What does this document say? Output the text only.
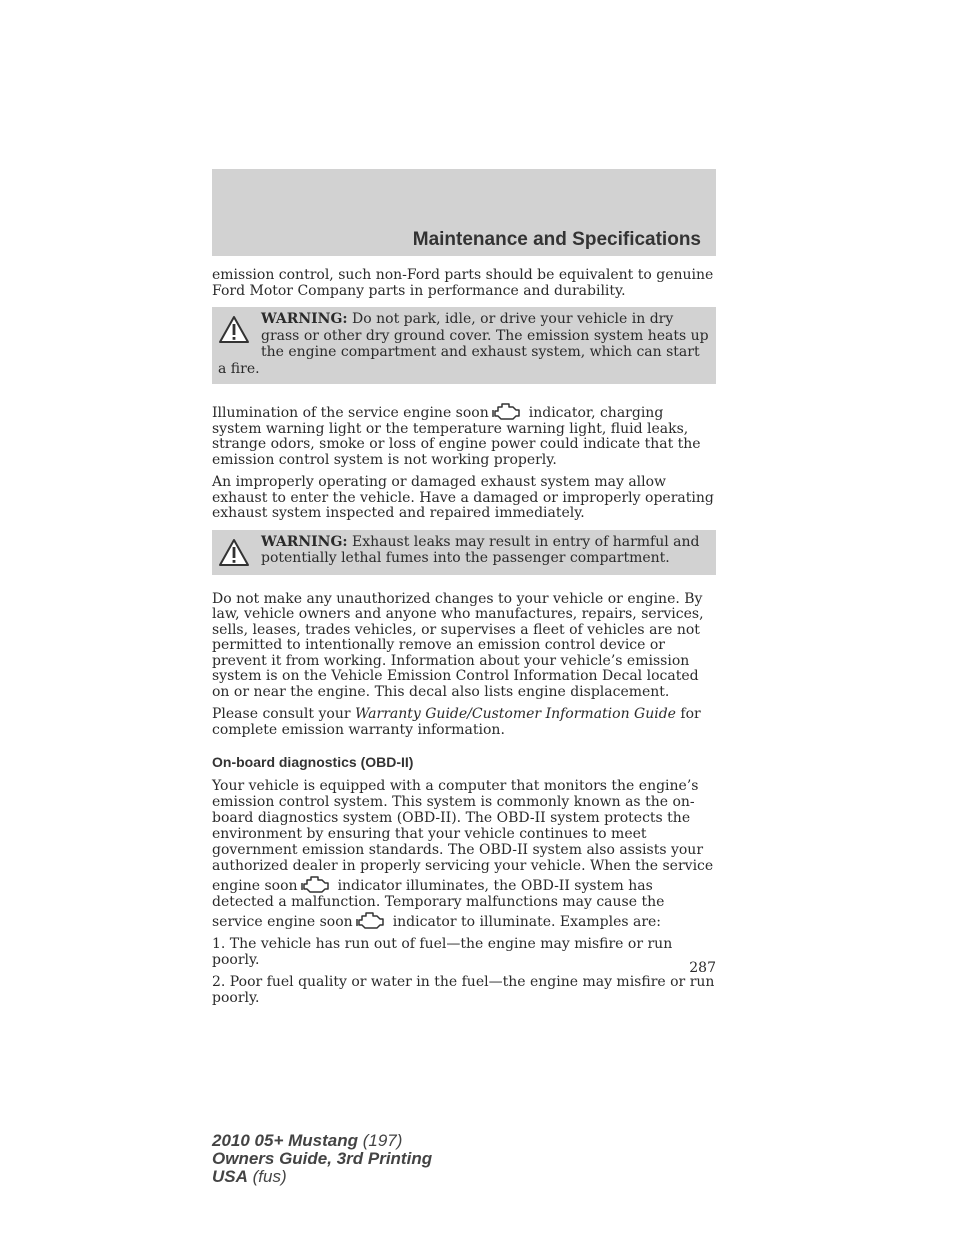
Maintenance and Specifications

emission control, such non-Ford parts should be equivalent to genuine Ford Motor Company parts in performance and durability.

WARNING: Do not park, idle, or drive your vehicle in dry grass or other dry ground cover. The emission system heats up the engine compartment and exhaust system, which can start a fire.

Illumination of the service engine soon	indicator, charging system warning light or the temperature warning light, fluid leaks, strange odors, smoke or loss of engine power could indicate that the emission control system is not working properly.

An improperly operating or damaged exhaust system may allow exhaust to enter the vehicle. Have a damaged or improperly operating exhaust system inspected and repaired immediately.

WARNING: Exhaust leaks may result in entry of harmful and potentially lethal fumes into the passenger compartment.

Do not make any unauthorized changes to your vehicle or engine. By law, vehicle owners and anyone who manufactures, repairs, services, sells, leases, trades vehicles, or supervises a fleet of vehicles are not permitted to intentionally remove an emission control device or prevent it from working. Information about your vehicle’s emission system is on the Vehicle Emission Control Information Decal located on or near the engine. This decal also lists engine displacement.

Please consult your Warranty Guide/Customer Information Guide for complete emission warranty information.

On-board diagnostics (OBD-II)

Your vehicle is equipped with a computer that monitors the engine’s emission control system. This system is commonly known as the on-board diagnostics system (OBD-II). The OBD-II system protects the environment by ensuring that your vehicle continues to meet government emission standards. The OBD-II system also assists your authorized dealer in properly servicing your vehicle. When the service engine soon	indicator illuminates, the OBD-II system has detected a malfunction. Temporary malfunctions may cause the service engine soon	indicator to illuminate. Examples are:

1. The vehicle has run out of fuel—the engine may misfire or run poorly.

2. Poor fuel quality or water in the fuel—the engine may misfire or run poorly.

287
2010 05+ Mustang (197)
Owners Guide, 3rd Printing
USA (fus)
